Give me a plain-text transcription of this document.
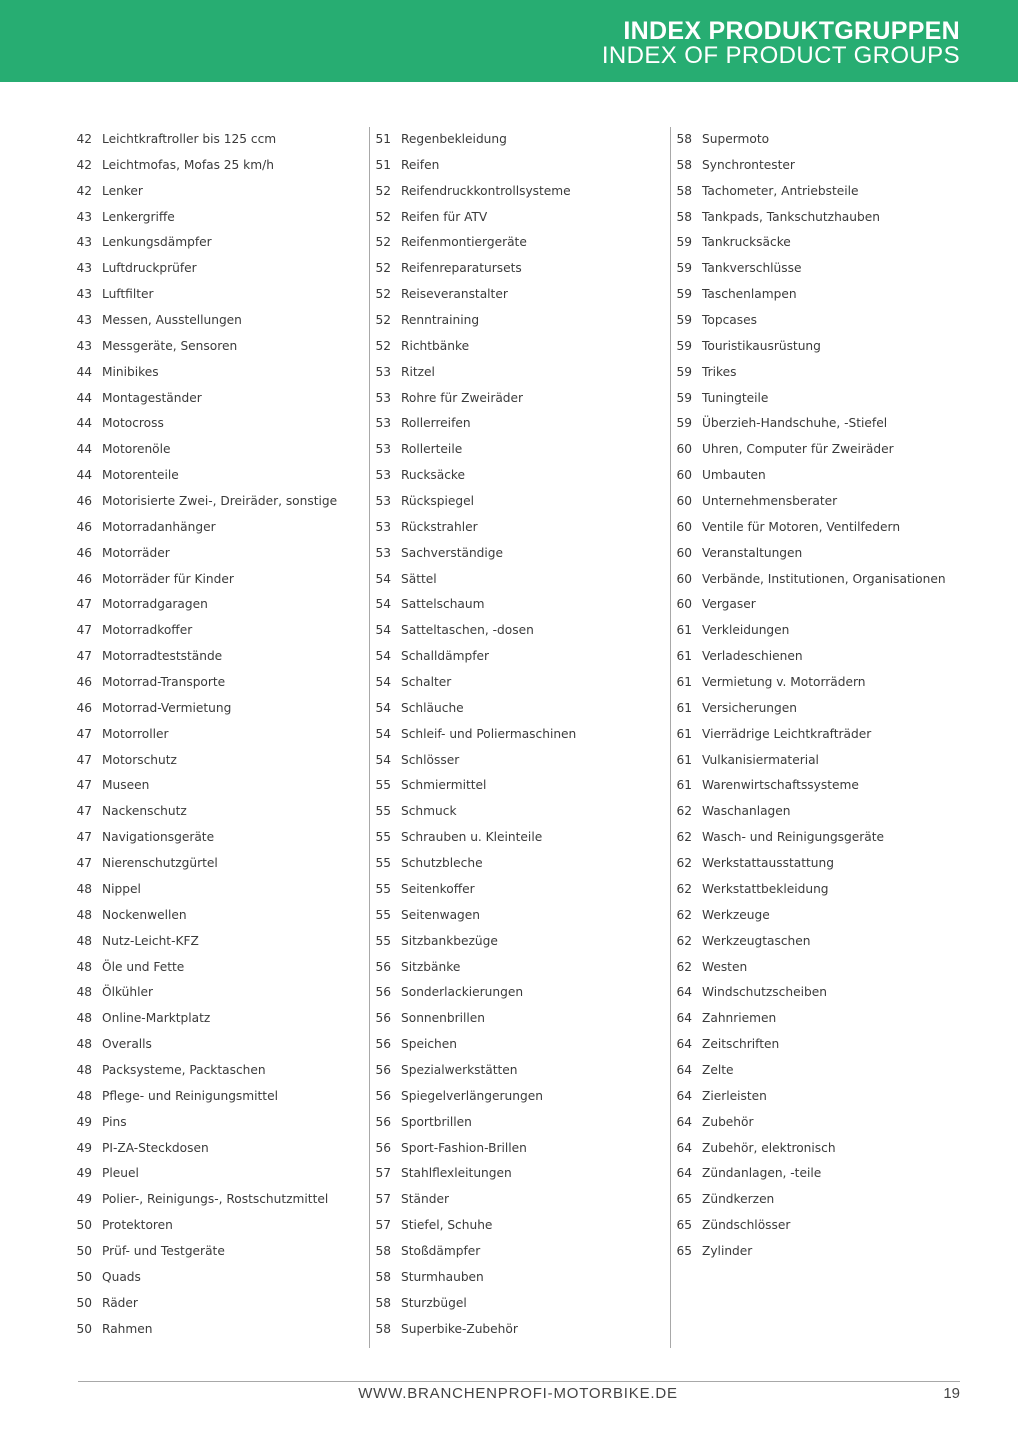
INDEX PRODUKTGRUPPEN
INDEX OF PRODUCT GROUPS
42 Leichtkraftroller bis 125 ccm
42 Leichtmofas, Mofas 25 km/h
42 Lenker
43 Lenkergriffe
43 Lenkungsdämpfer
43 Luftdruckprüfer
43 Luftfilter
43 Messen, Ausstellungen
43 Messgeräte, Sensoren
44 Minibikes
44 Montageständer
44 Motocross
44 Motorenöle
44 Motorenteile
46 Motorisierte Zwei-, Dreiräder, sonstige
46 Motorradanhänger
46 Motorräder
46 Motorräder für Kinder
47 Motorradgaragen
47 Motorradkoffer
47 Motorradteststände
46 Motorrad-Transporte
46 Motorrad-Vermietung
47 Motorroller
47 Motorschutz
47 Museen
47 Nackenschutz
47 Navigationsgeräte
47 Nierenschutzgürtel
48 Nippel
48 Nockenwellen
48 Nutz-Leicht-KFZ
48 Öle und Fette
48 Ölkühler
48 Online-Marktplatz
48 Overalls
48 Packsysteme, Packtaschen
48 Pflege- und Reinigungsmittel
49 Pins
49 PI-ZA-Steckdosen
49 Pleuel
49 Polier-, Reinigungs-, Rostschutzmittel
50 Protektoren
50 Prüf- und Testgeräte
50 Quads
50 Räder
50 Rahmen
51 Regenbekleidung
51 Reifen
52 Reifendruckkontrollsysteme
52 Reifen für ATV
52 Reifenmontiergeräte
52 Reifenreparatursets
52 Reiseveranstalter
52 Renntraining
52 Richtbänke
53 Ritzel
53 Rohre für Zweiräder
53 Rollerreifen
53 Rollerteile
53 Rucksäcke
53 Rückspiegel
53 Rückstrahler
53 Sachverständige
54 Sättel
54 Sattelschaum
54 Satteltaschen, -dosen
54 Schalldämpfer
54 Schalter
54 Schläuche
54 Schleif- und Poliermaschinen
54 Schlösser
55 Schmiermittel
55 Schmuck
55 Schrauben u. Kleinteile
55 Schutzbleche
55 Seitenkoffer
55 Seitenwagen
55 Sitzbankbezüge
56 Sitzbänke
56 Sonderlackierungen
56 Sonnenbrillen
56 Speichen
56 Spezialwerkstätten
56 Spiegelverlängerungen
56 Sportbrillen
56 Sport-Fashion-Brillen
57 Stahlflexleitungen
57 Ständer
57 Stiefel, Schuhe
58 Stoßdämpfer
58 Sturmhauben
58 Sturzbügel
58 Superbike-Zubehör
58 Supermoto
58 Synchrontester
58 Tachometer, Antriebsteile
58 Tankpads, Tankschutzhauben
59 Tankrucksäcke
59 Tankverschlüsse
59 Taschenlampen
59 Topcases
59 Touristikausrüstung
59 Trikes
59 Tuningteile
59 Überzieh-Handschuhe, -Stiefel
60 Uhren, Computer für Zweiräder
60 Umbauten
60 Unternehmensberater
60 Ventile für Motoren, Ventilfedern
60 Veranstaltungen
60 Verbände, Institutionen, Organisationen
60 Vergaser
61 Verkleidungen
61 Verladeschienen
61 Vermietung v. Motorrädern
61 Versicherungen
61 Vierrädrige Leichtkrafträder
61 Vulkanisiermaterial
61 Warenwirtschaftssysteme
62 Waschanlagen
62 Wasch- und Reinigungsgeräte
62 Werkstattausstattung
62 Werkstattbekleidung
62 Werkzeuge
62 Werkzeugtaschen
62 Westen
64 Windschutzscheiben
64 Zahnriemen
64 Zeitschriften
64 Zelte
64 Zierleisten
64 Zubehör
64 Zubehör, elektronisch
64 Zündanlagen, -teile
65 Zündkerzen
65 Zündschlösser
65 Zylinder
WWW.BRANCHENPROFI-MOTORBIKE.DE	19
